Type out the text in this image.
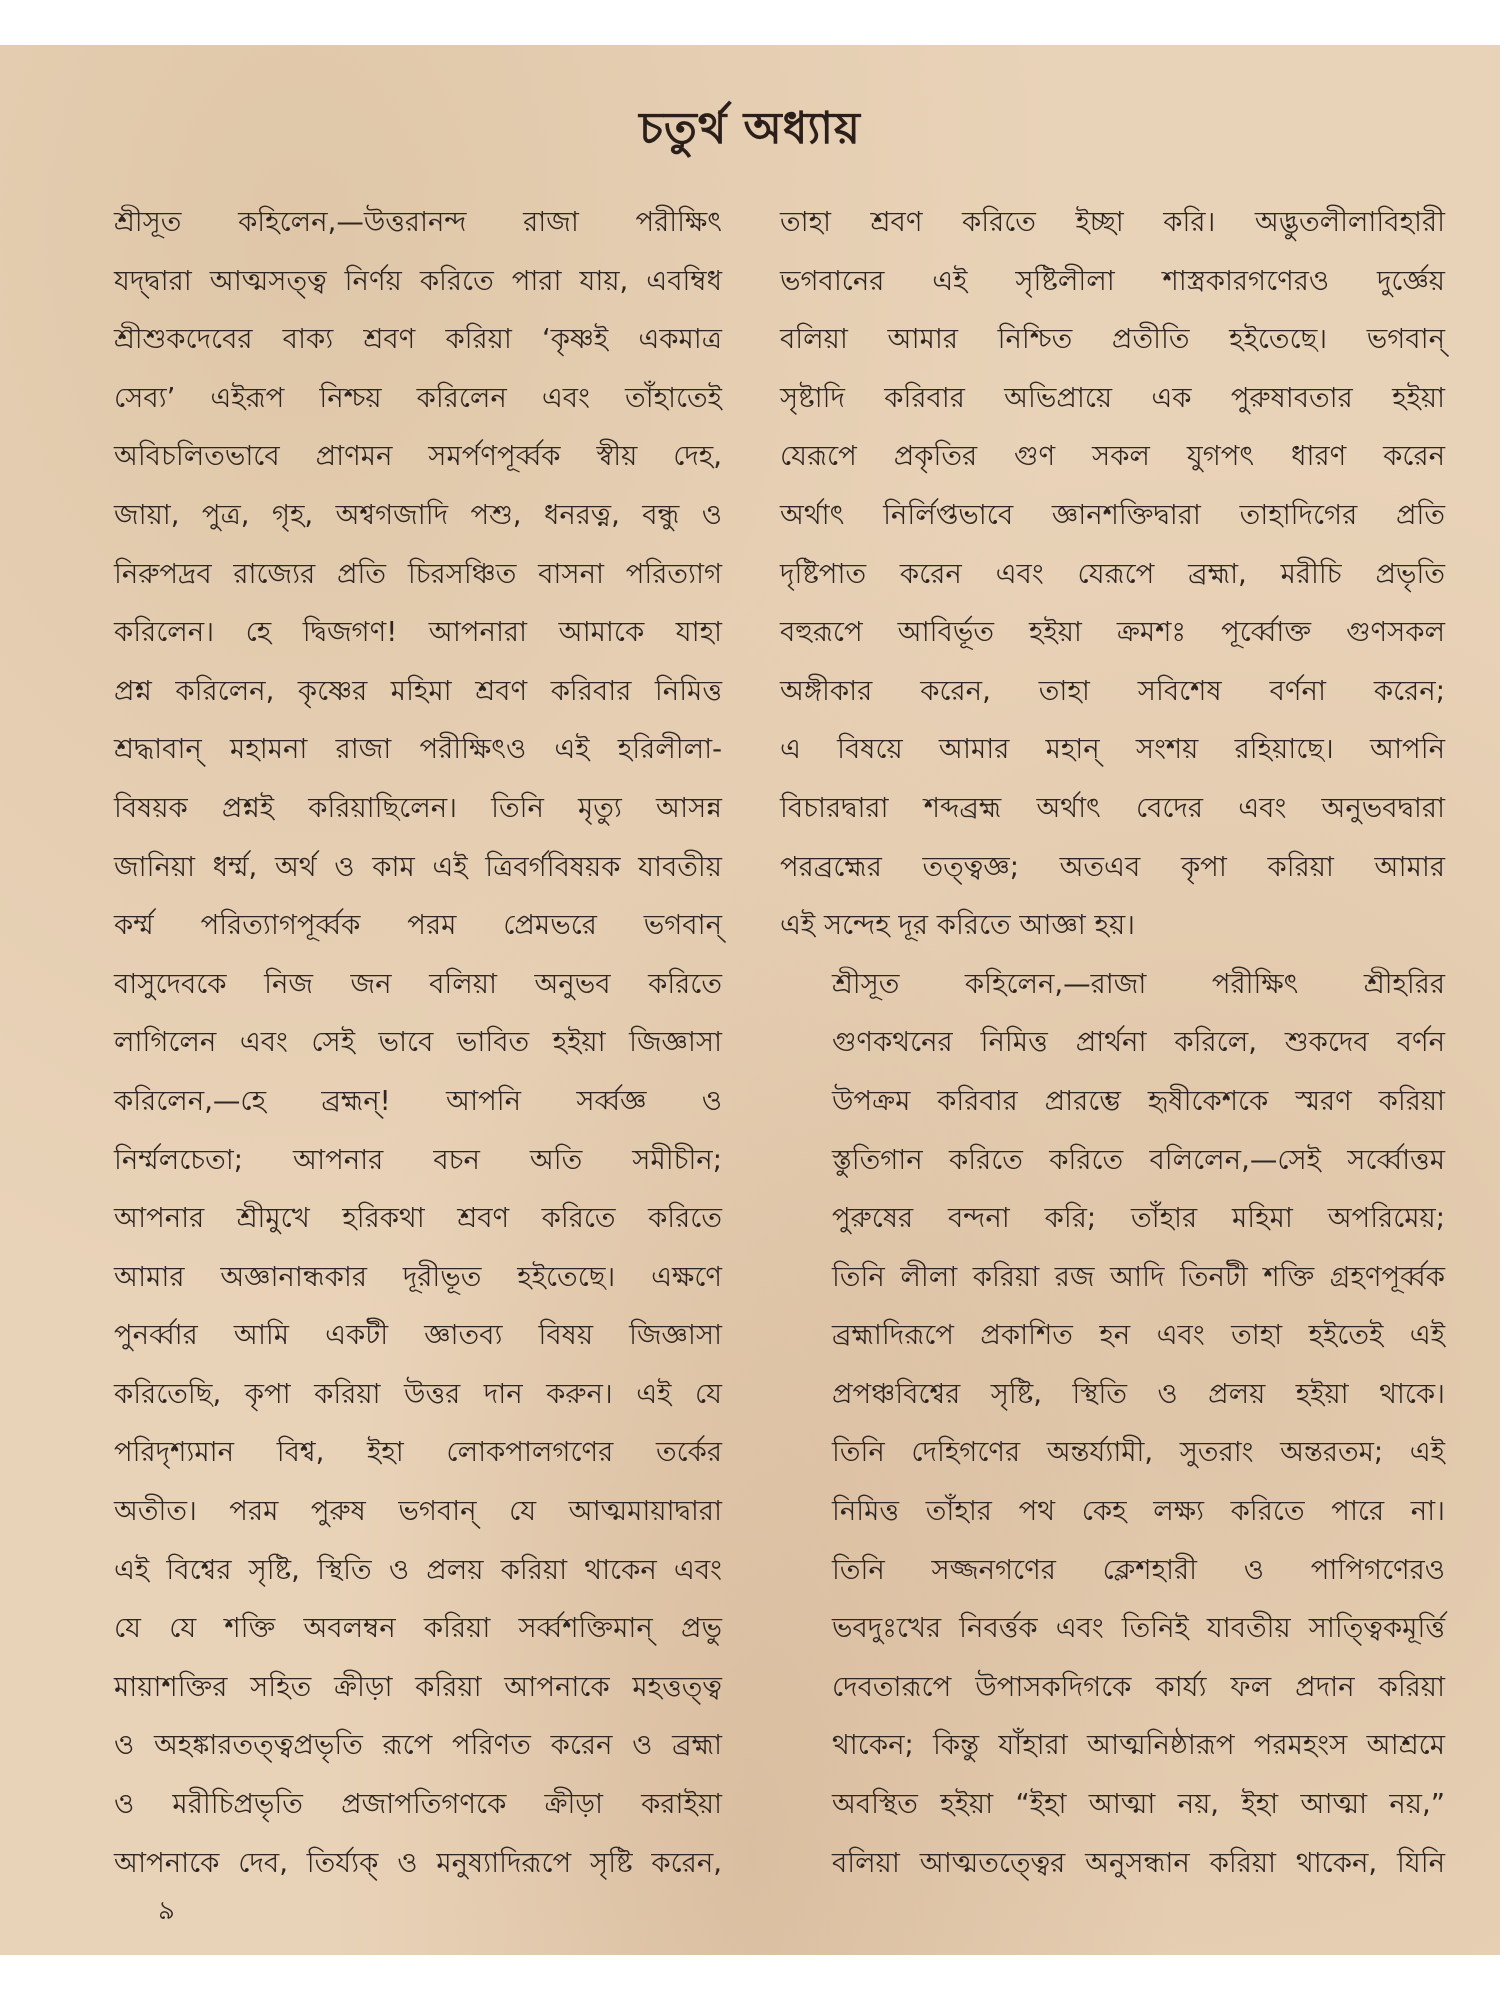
চতুর্থ অধ্যায়
শ্রীসূত কহিলেন,—উত্তরানন্দ রাজা পরীক্ষিৎ
যদ্দ্বারা আত্মসত্ত্ব নির্ণয় করিতে পারা যায়, এবম্বিধ
শ্রীশুকদেবের বাক্য শ্রবণ করিয়া ‘কৃষ্ণই একমাত্র
সেব্য’ এইরূপ নিশ্চয় করিলেন এবং তাঁহাতেই
অবিচলিতভাবে প্রাণমন সমর্পণপূর্ব্বক স্বীয় দেহ,
জায়া, পুত্র, গৃহ, অশ্বগজাদি পশু, ধনরত্ন, বন্ধু ও
নিরুপদ্রব রাজ্যের প্রতি চিরসঞ্চিত বাসনা পরিত্যাগ
করিলেন। হে দ্বিজগণ! আপনারা আমাকে যাহা
প্রশ্ন করিলেন, কৃষ্ণের মহিমা শ্রবণ করিবার নিমিত্ত
শ্রদ্ধাবান্ মহামনা রাজা পরীক্ষিৎও এই হরিলীলা-
বিষয়ক প্রশ্নই করিয়াছিলেন। তিনি মৃত্যু আসন্ন
জানিয়া ধর্ম্ম, অর্থ ও কাম এই ত্রিবর্গবিষয়ক যাবতীয়
কর্ম্ম পরিত্যাগপূর্ব্বক পরম প্রেমভরে ভগবান্
বাসুদেবকে নিজ জন বলিয়া অনুভব করিতে
লাগিলেন এবং সেই ভাবে ভাবিত হইয়া জিজ্ঞাসা
করিলেন,—হে ব্রহ্মন্! আপনি সর্ব্বজ্ঞ ও
নির্ম্মলচেতা; আপনার বচন অতি সমীচীন;
আপনার শ্রীমুখে হরিকথা শ্রবণ করিতে করিতে
আমার অজ্ঞানান্ধকার দূরীভূত হইতেছে। এক্ষণে
পুনর্ব্বার আমি একটী জ্ঞাতব্য বিষয় জিজ্ঞাসা
করিতেছি, কৃপা করিয়া উত্তর দান করুন। এই যে
পরিদৃশ্যমান বিশ্ব, ইহা লোকপালগণের তর্কের
অতীত। পরম পুরুষ ভগবান্ যে আত্মমায়াদ্বারা
এই বিশ্বের সৃষ্টি, স্থিতি ও প্রলয় করিয়া থাকেন এবং
যে যে শক্তি অবলম্বন করিয়া সর্ব্বশক্তিমান্ প্রভু
মায়াশক্তির সহিত ক্রীড়া করিয়া আপনাকে মহত্তত্ত্ব
ও অহঙ্কারতত্ত্বপ্রভৃতি রূপে পরিণত করেন ও ব্রহ্মা
ও মরীচিপ্রভৃতি প্রজাপতিগণকে ক্রীড়া করাইয়া
আপনাকে দেব, তির্য্যক্ ও মনুষ্যাদিরূপে সৃষ্টি করেন,
তাহা শ্রবণ করিতে ইচ্ছা করি। অদ্ভুতলীলাবিহারী
ভগবানের এই সৃষ্টিলীলা শাস্ত্রকারগণেরও দুর্জ্ঞেয়
বলিয়া আমার নিশ্চিত প্রতীতি হইতেছে। ভগবান্
সৃষ্টাদি করিবার অভিপ্রায়ে এক পুরুষাবতার হইয়া
যেরূপে প্রকৃতির গুণ সকল যুগপৎ ধারণ করেন
অর্থাৎ নির্লিপ্তভাবে জ্ঞানশক্তিদ্বারা তাহাদিগের প্রতি
দৃষ্টিপাত করেন এবং যেরূপে ব্রহ্মা, মরীচি প্রভৃতি
বহুরূপে আবির্ভূত হইয়া ক্রমশঃ পূর্ব্বোক্ত গুণসকল
অঙ্গীকার করেন, তাহা সবিশেষ বর্ণনা করেন;
এ বিষয়ে আমার মহান্ সংশয় রহিয়াছে। আপনি
বিচারদ্বারা শব্দব্রহ্ম অর্থাৎ বেদের এবং অনুভবদ্বারা
পরব্রহ্মের তত্ত্বজ্ঞ; অতএব কৃপা করিয়া আমার
এই সন্দেহ দূর করিতে আজ্ঞা হয়।
শ্রীসূত কহিলেন,—রাজা পরীক্ষিৎ শ্রীহরির
গুণকথনের নিমিত্ত প্রার্থনা করিলে, শুকদেব বর্ণন
উপক্রম করিবার প্রারম্ভে হৃষীকেশকে স্মরণ করিয়া
স্তুতিগান করিতে করিতে বলিলেন,—সেই সর্ব্বোত্তম
পুরুষের বন্দনা করি; তাঁহার মহিমা অপরিমেয়;
তিনি লীলা করিয়া রজ আদি তিনটী শক্তি গ্রহণপূর্ব্বক
ব্রহ্মাদিরূপে প্রকাশিত হন এবং তাহা হইতেই এই
প্রপঞ্চবিশ্বের সৃষ্টি, স্থিতি ও প্রলয় হইয়া থাকে।
তিনি দেহিগণের অন্তর্য্যামী, সুতরাং অন্তরতম; এই
নিমিত্ত তাঁহার পথ কেহ লক্ষ্য করিতে পারে না।
তিনি সজ্জনগণের ক্লেশহারী ও পাপিগণেরও
ভবদুঃখের নিবর্ত্তক এবং তিনিই যাবতীয় সাত্ত্বিকমূর্ত্তি
দেবতারূপে উপাসকদিগকে কার্য্য ফল প্রদান করিয়া
থাকেন; কিন্তু যাঁহারা আত্মনিষ্ঠারূপ পরমহংস আশ্রমে
অবস্থিত হইয়া “ইহা আত্মা নয়, ইহা আত্মা নয়,”
বলিয়া আত্মতত্ত্বের অনুসন্ধান করিয়া থাকেন, যিনি
৯
